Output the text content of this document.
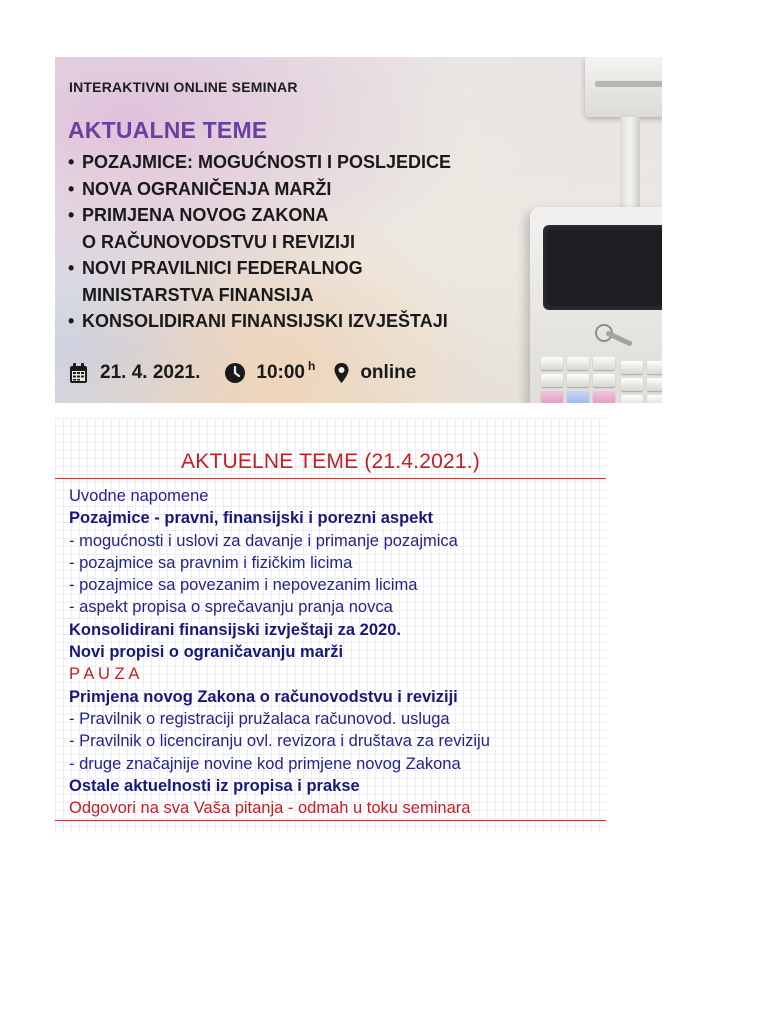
INTERAKTIVNI ONLINE SEMINAR
AKTUALNE TEME
• POZAJMICE: MOGUĆNOSTI I POSLJEDICE
• NOVA OGRANIČENJA MARŽI
• PRIMJENA NOVOG ZAKONA
O RAČUNOVODSTVU I REVIZIJI
• NOVI PRAVILNICI FEDERALNOG
MINISTARSTVA FINANSIJA
• KONSOLIDIRANI FINANSIJSKI IZVJEŠTAJI
21. 4. 2021.	10:00 $^h$ online
AKTUELNE TEME (21.4.2021.)
Uvodne napomene
Pozajmice - pravni, finansijski i porezni aspekt
- mogućnosti i uslovi za davanje i primanje pozajmica
- pozajmice sa pravnim i fizičkim licima
- pozajmice sa povezanim i nepovezanim licima
- aspekt propisa o sprečavanju pranja novca
Konsolidirani finansijski izvještaji za 2020.
Novi propisi o ograničavanju marži
P A U Z A
Primjena novog Zakona o računovodstvu i reviziji
- Pravilnik o registraciji pružalaca računovod. usluga
- Pravilnik o licenciranju ovl. revizora i društava za reviziju
- druge značajnije novine kod primjene novog Zakona
Ostale aktuelnosti iz propisa i prakse
Odgovori na sva Vaša pitanja - odmah u toku seminara
